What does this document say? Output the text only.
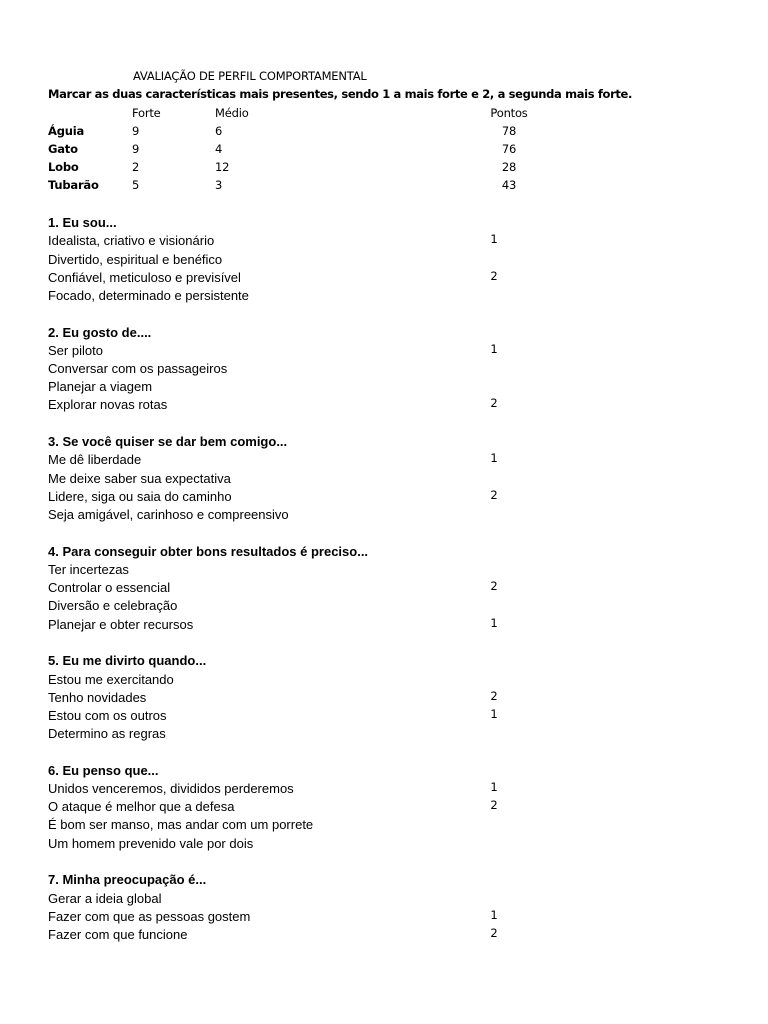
AVALIAÇÃO DE PERFIL COMPORTAMENTAL
Marcar as duas características mais presentes, sendo 1 a mais forte e 2, a segunda mais forte.
	Forte	Médio	Pontos
Águia	9	6	78
Gato	9	4	76
Lobo	2	12	28
Tubarão	5	3	43
1. Eu sou...
Idealista, criativo e visionário	1
Divertido, espiritual e benéfico
Confiável, meticuloso e previsível	2
Focado, determinado e persistente
2. Eu gosto de....
Ser piloto	1
Conversar com os passageiros
Planejar a viagem
Explorar novas rotas	2
3. Se você quiser se dar bem comigo...
Me dê liberdade	1
Me deixe saber sua expectativa
Lidere, siga ou saia do caminho	2
Seja amigável, carinhoso e compreensivo
4. Para conseguir obter bons resultados é preciso...
Ter incertezas
Controlar o essencial	2
Diversão e celebração
Planejar e obter recursos	1
5. Eu me divirto quando...
Estou me exercitando
Tenho novidades	2
Estou com os outros	1
Determino as regras
6. Eu penso que...
Unidos venceremos, divididos perderemos	1
O ataque é melhor que a defesa	2
É bom ser manso, mas andar com um porrete
Um homem prevenido vale por dois
7. Minha preocupação é...
Gerar a ideia global
Fazer com que as pessoas gostem	1
Fazer com que funcione	2
